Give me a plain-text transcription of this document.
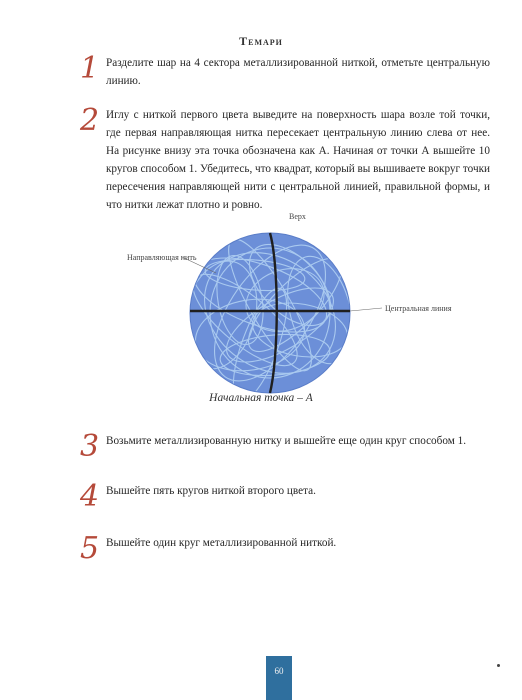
Темари
1 Разделите шар на 4 сектора металлизированной ниткой, отметьте центральную линию.
2 Иглу с ниткой первого цвета выведите на поверхность шара возле той точки, где первая направляющая нитка пересекает центральную линию слева от нее. На рисунке внизу эта точка обозначена как А. Начиная от точки А вышейте 10 кругов способом 1. Убедитесь, что квадрат, который вы вышиваете вокруг точки пересечения направляющей нити с центральной линией, правильной формы, и что нитки лежат плотно и ровно.
Верх
Направляющая нить
Центральная линия
Начальная точка – А
3 Возьмите металлизированную нитку и вышейте еще один круг способом 1.
4 Вышейте пять кругов ниткой второго цвета.
5 Вышейте один круг металлизированной ниткой.
60
